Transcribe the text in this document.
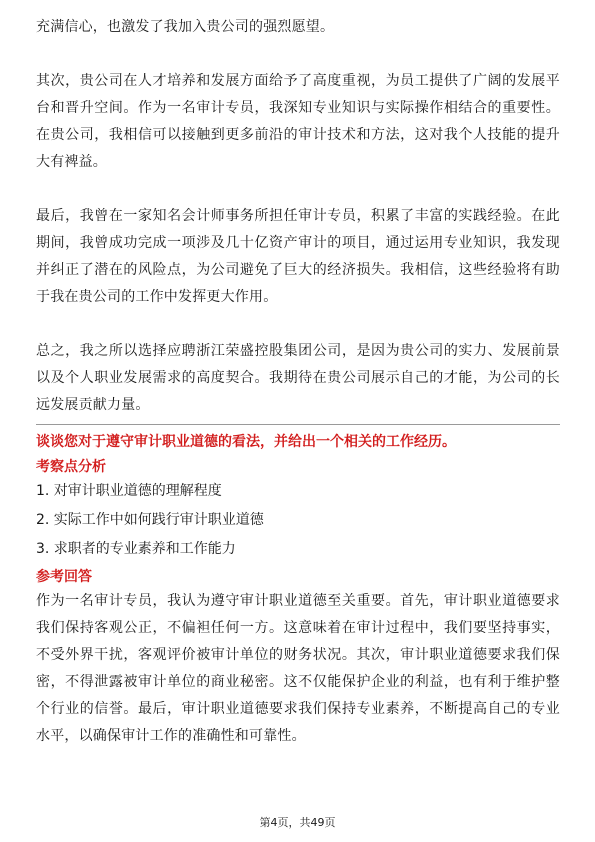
充满信心，也激发了我加入贵公司的强烈愿望。

其次，贵公司在人才培养和发展方面给予了高度重视，为员工提供了广阔的发展平台和晋升空间。作为一名审计专员，我深知专业知识与实际操作相结合的重要性。在贵公司，我相信可以接触到更多前沿的审计技术和方法，这对我个人技能的提升大有裨益。

最后，我曾在一家知名会计师事务所担任审计专员，积累了丰富的实践经验。在此期间，我曾成功完成一项涉及几十亿资产审计的项目，通过运用专业知识，我发现并纠正了潜在的风险点，为公司避免了巨大的经济损失。我相信，这些经验将有助于我在贵公司的工作中发挥更大作用。

总之，我之所以选择应聘浙江荣盛控股集团公司，是因为贵公司的实力、发展前景以及个人职业发展需求的高度契合。我期待在贵公司展示自己的才能，为公司的长远发展贡献力量。

谈谈您对于遵守审计职业道德的看法，并给出一个相关的工作经历。

考察点分析

1. 对审计职业道德的理解程度

2. 实际工作中如何践行审计职业道德

3. 求职者的专业素养和工作能力

参考回答

作为一名审计专员，我认为遵守审计职业道德至关重要。首先，审计职业道德要求我们保持客观公正，不偏袒任何一方。这意味着在审计过程中，我们要坚持事实，不受外界干扰，客观评价被审计单位的财务状况。其次，审计职业道德要求我们保密，不得泄露被审计单位的商业秘密。这不仅能保护企业的利益，也有利于维护整个行业的信誉。最后，审计职业道德要求我们保持专业素养，不断提高自己的专业水平，以确保审计工作的准确性和可靠性。

第4页，共49页
